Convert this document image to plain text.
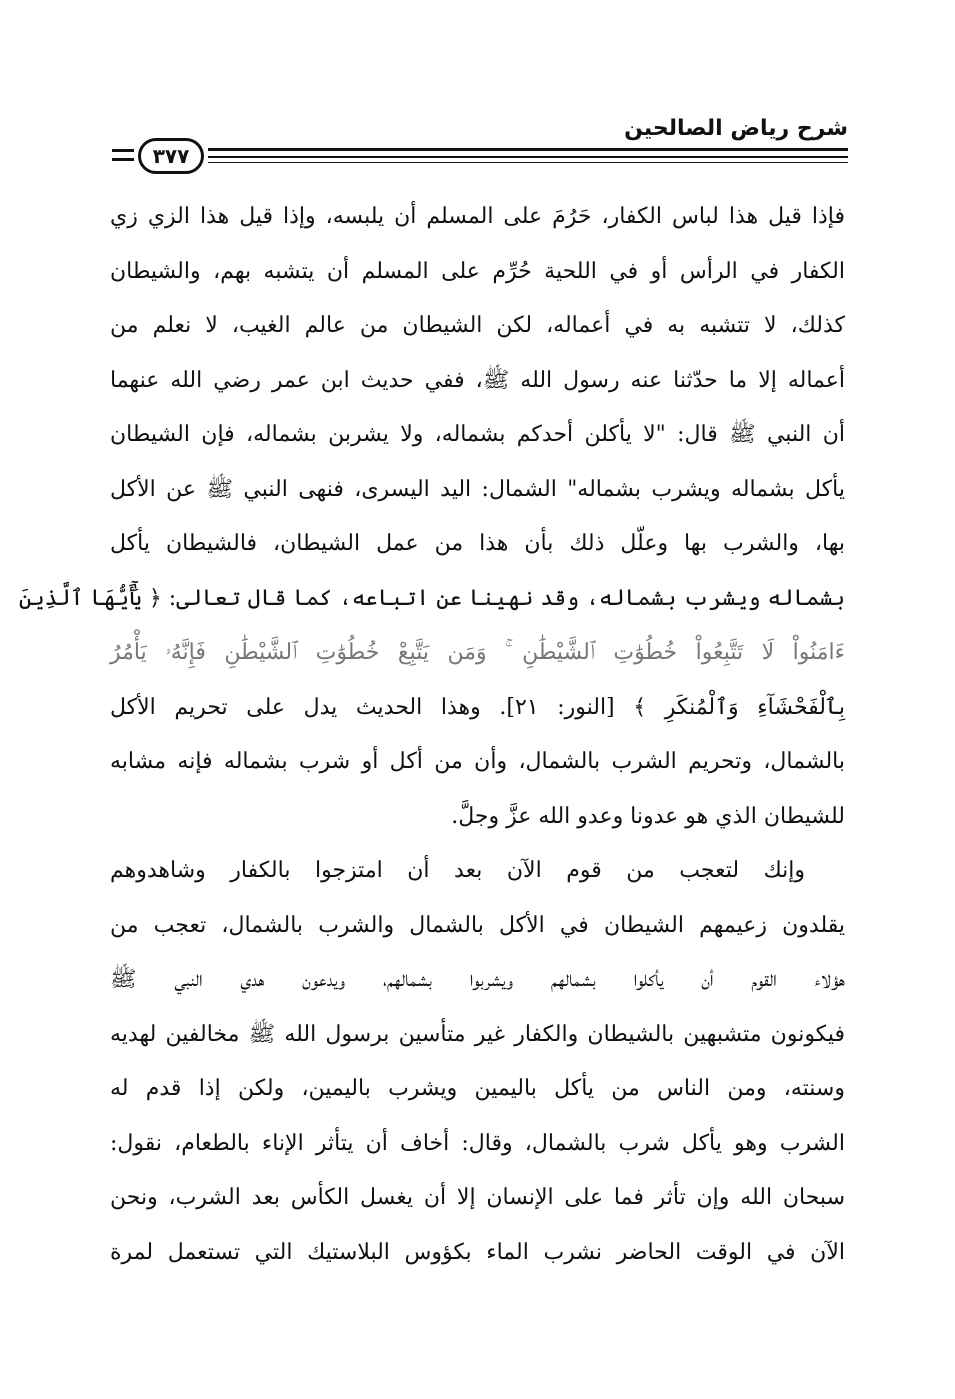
شرح رياض الصالحين
٣٧٧
فإذا قيل هذا لباس الكفار، حَرُمَ على المسلم أن يلبسه، وإذا قيل هذا الزي زي
الكفار في الرأس أو في اللحية حُرِّم على المسلم أن يتشبه بهم، والشيطان
كذلك، لا تتشبه به في أعماله، لكن الشيطان من عالم الغيب، لا نعلم من
أعماله إلا ما حدّثنا عنه رسول الله ﷺ، ففي حديث ابن عمر رضي الله عنهما
أن النبي ﷺ قال: "لا يأكلن أحدكم بشماله، ولا يشربن بشماله، فإن الشيطان
يأكل بشماله ويشرب بشماله" الشمال: اليد اليسرى، فنهى النبي ﷺ عن الأكل
بها، والشرب بها وعلّل ذلك بأن هذا من عمل الشيطان، فالشيطان يأكل
بشماله ويشرب بشماله، وقد نهينا عن اتباعه، كما قال تعالى: ﴿ يَٰٓأَيُّهَا ٱلَّذِينَ
ءَامَنُواْ لَا تَتَّبِعُواْ خُطُوَٰتِ ٱلشَّيْطَٰنِ ۚ وَمَن يَتَّبِعْ خُطُوَٰتِ ٱلشَّيْطَٰنِ فَإِنَّهُۥ يَأْمُرُ
بِٱلْفَحْشَآءِ وَٱلْمُنكَرِ ﴾ [النور: ٢١]. وهذا الحديث يدل على تحريم الأكل
بالشمال، وتحريم الشرب بالشمال، وأن من أكل أو شرب بشماله فإنه مشابه
للشيطان الذي هو عدونا وعدو الله عزَّ وجلَّ.
وإنك لتعجب من قوم الآن بعد أن امتزجوا بالكفار وشاهدوهم
يقلدون زعيمهم الشيطان في الأكل بالشمال والشرب بالشمال، تعجب من
هؤلاء القوم أن يأكلوا بشمالهم ويشربوا بشمالهم، ويدعون هدي النبي ﷺ
فيكونون متشبهين بالشيطان والكفار غير متأسين برسول الله ﷺ مخالفين لهديه
وسنته، ومن الناس من يأكل باليمين ويشرب باليمين، ولكن إذا قدم له
الشرب وهو يأكل شرب بالشمال، وقال: أخاف أن يتأثر الإناء بالطعام، نقول:
سبحان الله وإن تأثر فما على الإنسان إلا أن يغسل الكأس بعد الشرب، ونحن
الآن في الوقت الحاضر نشرب الماء بكؤوس البلاستيك التي تستعمل لمرة
